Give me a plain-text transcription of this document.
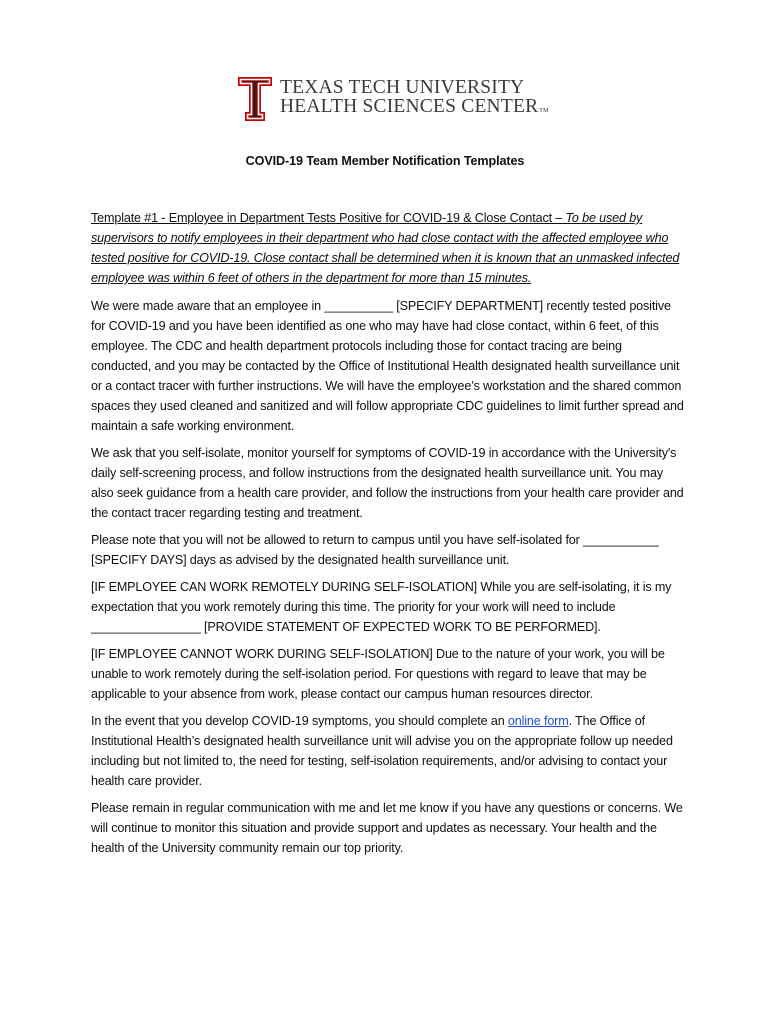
TEXAS TECH UNIVERSITY
HEALTH SCIENCES CENTERTM
COVID-19 Team Member Notification Templates

Template #1 - Employee in Department Tests Positive for COVID-19 & Close Contact – To be used by supervisors to notify employees in their department who had close contact with the affected employee who tested positive for COVID-19. Close contact shall be determined when it is known that an unmasked infected employee was within 6 feet of others in the department for more than 15 minutes.

We were made aware that an employee in __________ [SPECIFY DEPARTMENT] recently tested positive for COVID-19 and you have been identified as one who may have had close contact, within 6 feet, of this employee. The CDC and health department protocols including those for contact tracing are being conducted, and you may be contacted by the Office of Institutional Health designated health surveillance unit or a contact tracer with further instructions. We will have the employee’s workstation and the shared common spaces they used cleaned and sanitized and will follow appropriate CDC guidelines to limit further spread and maintain a safe working environment.

We ask that you self-isolate, monitor yourself for symptoms of COVID-19 in accordance with the University's daily self-screening process, and follow instructions from the designated health surveillance unit. You may also seek guidance from a health care provider, and follow the instructions from your health care provider and the contact tracer regarding testing and treatment.

Please note that you will not be allowed to return to campus until you have self-isolated for ___________ [SPECIFY DAYS] days as advised by the designated health surveillance unit.

[IF EMPLOYEE CAN WORK REMOTELY DURING SELF-ISOLATION] While you are self-isolating, it is my expectation that you work remotely during this time. The priority for your work will need to include ________________ [PROVIDE STATEMENT OF EXPECTED WORK TO BE PERFORMED].

[IF EMPLOYEE CANNOT WORK DURING SELF-ISOLATION] Due to the nature of your work, you will be unable to work remotely during the self-isolation period. For questions with regard to leave that may be applicable to your absence from work, please contact our campus human resources director.

In the event that you develop COVID-19 symptoms, you should complete an online form. The Office of Institutional Health’s designated health surveillance unit will advise you on the appropriate follow up needed including but not limited to, the need for testing, self-isolation requirements, and/or advising to contact your health care provider.

Please remain in regular communication with me and let me know if you have any questions or concerns. We will continue to monitor this situation and provide support and updates as necessary. Your health and the health of the University community remain our top priority.
